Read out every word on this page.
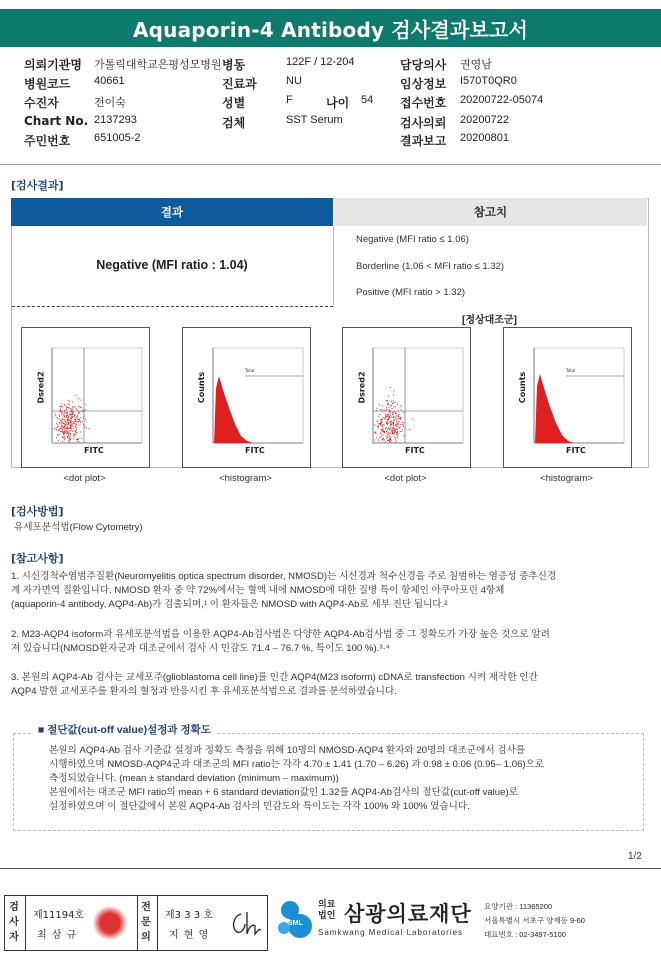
Aquaporin-4 Antibody 검사결과보고서
의뢰기관명 가톨릭대학교은평성모병원 병동	122F / 12-204	담당의사 권영남
병원코드 40661	진료과	NU	임상정보 I570T0QR0
수진자	전이숙	성별	F	나이 54 접수번호 20200722-05074
Chart No. 2137293	검체	SST Serum	검사의뢰 20200722
주민번호 651005-2	결과보고 20200801
[검사결과]
결과	참고치
Negative (MFI ratio : 1.04)
Negative (MFI ratio ≤ 1.06)
Borderline (1.06 < MFI ratio ≤ 1.32)
Positive (MFI ratio > 1.32)
[정상대조군]
Dsred2
FITC
<dot plot>
Total
Counts
FITC
<histogram>
Dsred2
FITC
<dot plot>
Total
Counts
FITC
<histogram>
[검사방법]
유세포분석법(Flow Cytometry)
[참고사항]
1. 시신경척수염범주질환(Neuromyelitis optica spectrum disorder, NMOSD)는 시신경과 척수신경을 주로 침범하는 염증성 중추신경
계 자가면역 질환입니다. NMOSD 환자 중 약 72%에서는 혈액 내에 NMOSD에 대한 질병 특이 항체인 아쿠아포린 4항체
(aquaporin-4 antibody, AQP4-Ab)가 검출되며,¹ 이 환자들은 NMOSD with AQP4-Ab로 세부 진단 됩니다.²
2. M23-AQP4 isoform과 유세포분석법을 이용한 AQP4-Ab검사법은 다양한 AQP4-Ab검사법 중 그 정확도가 가장 높은 것으로 알려
져 있습니다(NMOSD환자군과 대조군에서 검사 시 민감도 71.4 – 76.7 %, 특이도 100 %).³·⁴
3. 본원의 AQP4-Ab 검사는 교세포주(glioblastoma cell line)를 인간 AQP4(M23 isoform) cDNA로 transfection 시켜 제작한 인간
AQP4 발현 교세포주를 환자의 혈청과 반응시킨 후 유세포분석법으로 결과를 분석하였습니다.
■ 절단값(cut-off value)설정과 정확도
본원의 AQP4-Ab 검사 기준값 설정과 정확도 측정을 위해 10명의 NMOSD-AQP4 환자와 20명의 대조군에서 검사를
시행하였으며 NMOSD-AQP4군과 대조군의 MFI ratio는 각각 4.70 ± 1.41 (1.70 – 6.26) 과 0.98 ± 0.06 (0.95– 1.06)으로
측정되었습니다. (mean ± standard deviation (minimum – maximum))
본원에서는 대조군 MFI ratio의 mean + 6 standard deviation값인 1.32를 AQP4-Ab검사의 절단값(cut-off value)로
설정하였으며 이 절단값에서 본원 AQP4-Ab 검사의 민감도와 특이도는 각각 100% 와 100% 였습니다.
1/2
검사자
제11194호
최 삼 규
전문의
제3 3 3 호
지 현 영
SML
의료
법인 삼광의료재단
Samkwang Medical Laboratories
요양기관 : 11365200
서울특별시 서초구 양재동 9-60
대표번호 : 02-3497-5100
